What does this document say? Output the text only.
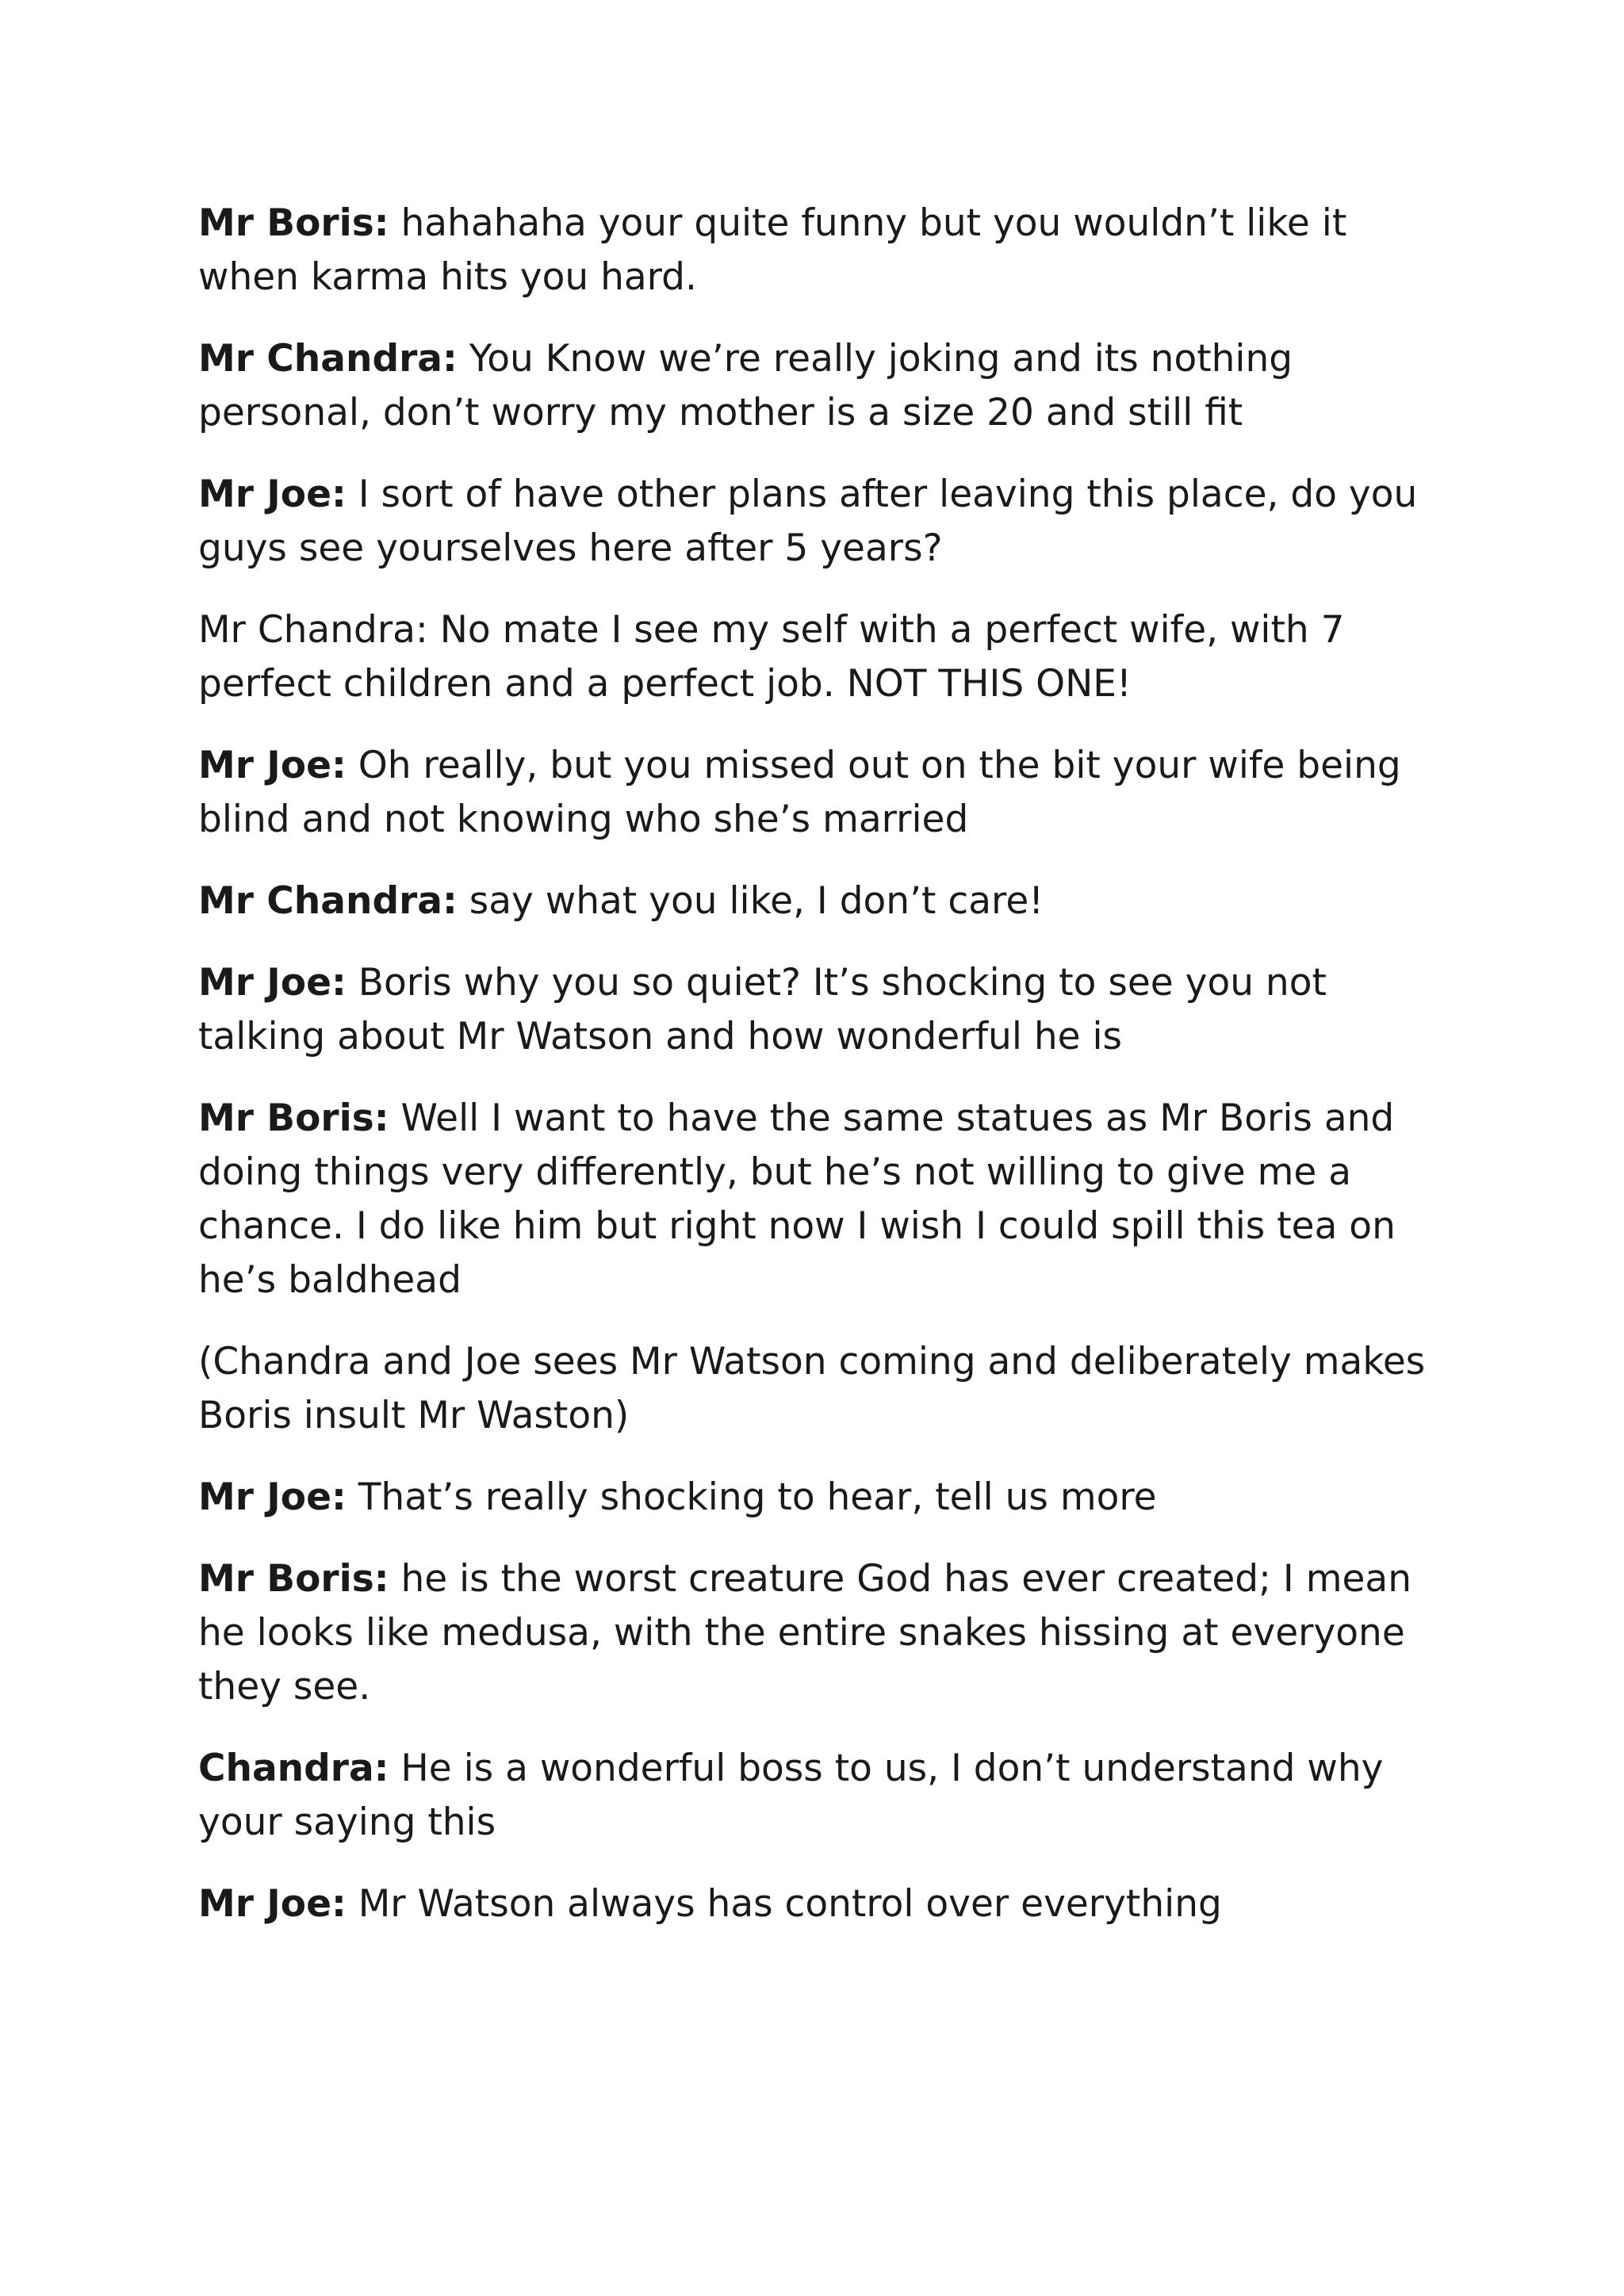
Mr Boris: hahahaha your quite funny but you wouldn’t like it when karma hits you hard.

Mr Chandra: You Know we’re really joking and its nothing personal, don’t worry my mother is a size 20 and still fit

Mr Joe: I sort of have other plans after leaving this place, do you guys see yourselves here after 5 years?

Mr Chandra: No mate I see my self with a perfect wife, with 7 perfect children and a perfect job. NOT THIS ONE!

Mr Joe: Oh really, but you missed out on the bit your wife being blind and not knowing who she’s married

Mr Chandra: say what you like, I don’t care!

Mr Joe: Boris why you so quiet? It’s shocking to see you not talking about Mr Watson and how wonderful he is

Mr Boris: Well I want to have the same statues as Mr Boris and doing things very differently, but he’s not willing to give me a chance. I do like him but right now I wish I could spill this tea on he’s baldhead

(Chandra and Joe sees Mr Watson coming and deliberately makes Boris insult Mr Waston)

Mr Joe: That’s really shocking to hear, tell us more

Mr Boris: he is the worst creature God has ever created; I mean he looks like medusa, with the entire snakes hissing at everyone they see.

Chandra: He is a wonderful boss to us, I don’t understand why your saying this

Mr Joe: Mr Watson always has control over everything
